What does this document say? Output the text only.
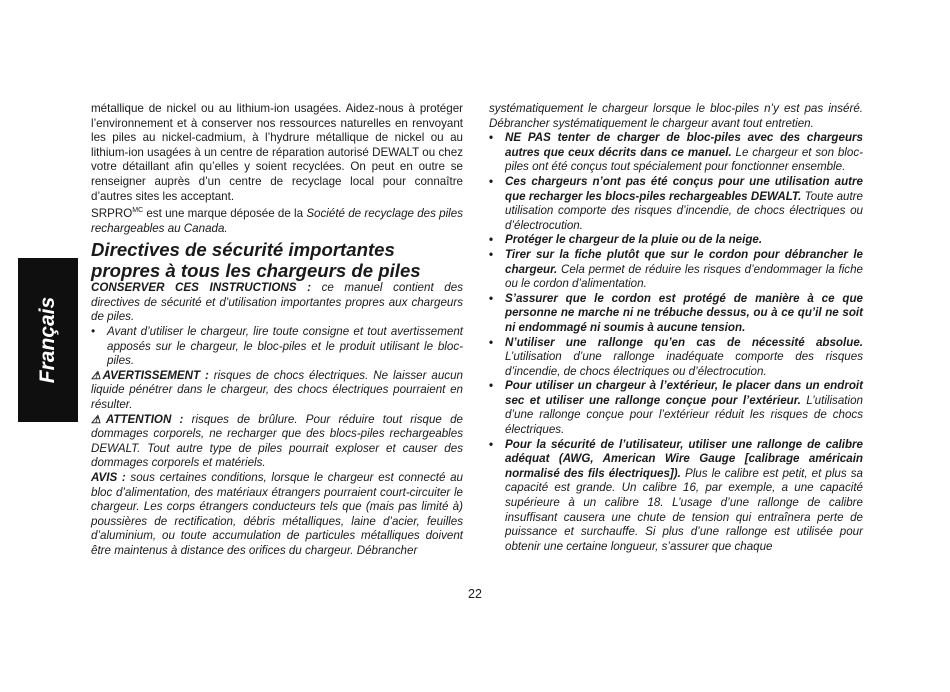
Français

métallique de nickel ou au lithium-ion usagées. Aidez-nous à protéger l’environnement et à conserver nos ressources naturelles en renvoyant les piles au nickel-cadmium, à l’hydrure métallique de nickel ou au lithium-ion usagées à un centre de réparation autorisé DEWALT ou chez votre détaillant afin qu’elles y soient recyclées. On peut en outre se renseigner auprès d’un centre de recyclage local pour connaître d’autres sites les acceptant.

$SRPRO^{MC}$ est une marque déposée de la Société de recyclage des piles rechargeables au Canada.

Directives de sécurité importantes propres à tous les chargeurs de piles

CONSERVER CES INSTRUCTIONS : ce manuel contient des directives de sécurité et d’utilisation importantes propres aux chargeurs de piles.

• Avant d’utiliser le chargeur, lire toute consigne et tout avertissement apposés sur le chargeur, le bloc-piles et le produit utilisant le bloc-piles.

⚠AVERTISSEMENT : risques de chocs électriques. Ne laisser aucun liquide pénétrer dans le chargeur, des chocs électriques pourraient en résulter.

⚠ATTENTION : risques de brûlure. Pour réduire tout risque de dommages corporels, ne recharger que des blocs-piles rechargeables DEWALT. Tout autre type de piles pourrait exploser et causer des dommages corporels et matériels.

AVIS : sous certaines conditions, lorsque le chargeur est connecté au bloc d’alimentation, des matériaux étrangers pourraient court-circuiter le chargeur. Les corps étrangers conducteurs tels que (mais pas limité à) poussières de rectification, débris métalliques, laine d’acier, feuilles d’aluminium, ou toute accumulation de particules métalliques doivent être maintenus à distance des orifices du chargeur. Débrancher

systématiquement le chargeur lorsque le bloc-piles n’y est pas inséré. Débrancher systématiquement le chargeur avant tout entretien.

• NE PAS tenter de charger de bloc-piles avec des chargeurs autres que ceux décrits dans ce manuel. Le chargeur et son bloc-piles ont été conçus tout spécialement pour fonctionner ensemble.

• Ces chargeurs n’ont pas été conçus pour une utilisation autre que recharger les blocs-piles rechargeables DEWALT. Toute autre utilisation comporte des risques d’incendie, de chocs électriques ou d’électrocution.

• Protéger le chargeur de la pluie ou de la neige.

• Tirer sur la fiche plutôt que sur le cordon pour débrancher le chargeur. Cela permet de réduire les risques d’endommager la fiche ou le cordon d’alimentation.

• S’assurer que le cordon est protégé de manière à ce que personne ne marche ni ne trébuche dessus, ou à ce qu’il ne soit ni endommagé ni soumis à aucune tension.

• N’utiliser une rallonge qu’en cas de nécessité absolue. L’utilisation d’une rallonge inadéquate comporte des risques d’incendie, de chocs électriques ou d’électrocution.

• Pour utiliser un chargeur à l’extérieur, le placer dans un endroit sec et utiliser une rallonge conçue pour l’extérieur. L’utilisation d’une rallonge conçue pour l’extérieur réduit les risques de chocs électriques.

• Pour la sécurité de l’utilisateur, utiliser une rallonge de calibre adéquat (AWG, American Wire Gauge [calibrage américain normalisé des fils électriques]). Plus le calibre est petit, et plus sa capacité est grande. Un calibre 16, par exemple, a une capacité supérieure à un calibre 18. L’usage d’une rallonge de calibre insuffisant causera une chute de tension qui entraînera perte de puissance et surchauffe. Si plus d’une rallonge est utilisée pour obtenir une certaine longueur, s’assurer que chaque

22
